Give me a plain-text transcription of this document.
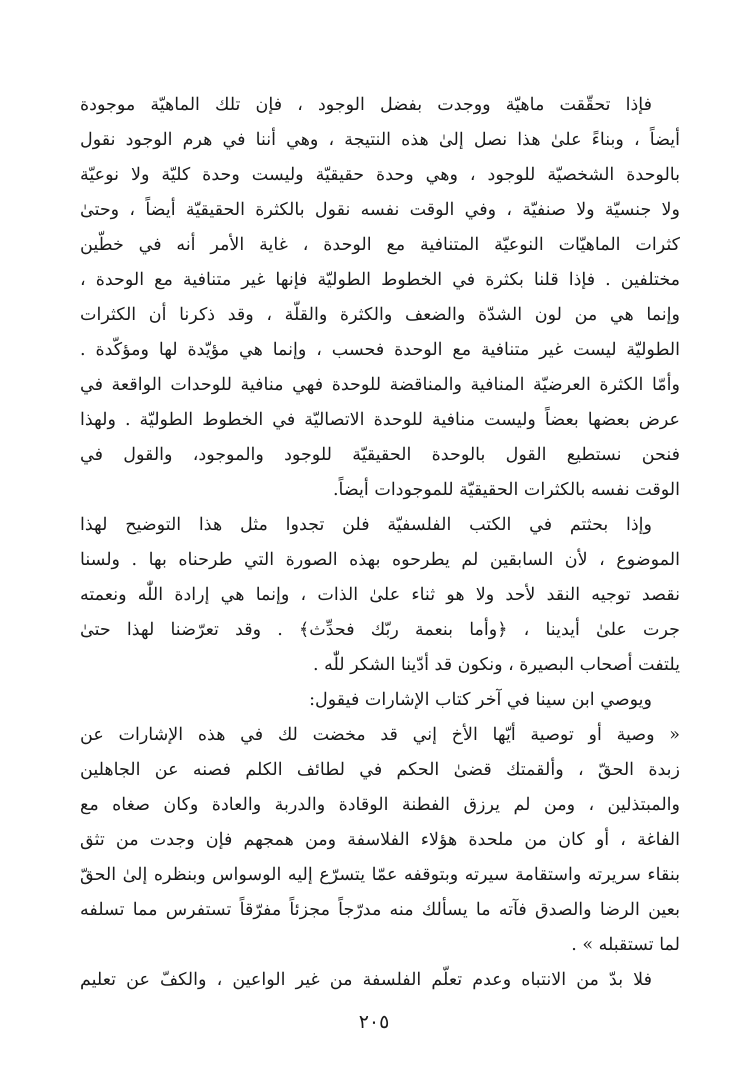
فإذا تحقّقت ماهيّة ووجدت بفضل الوجود ، فإن تلك الماهيّة موجودة
أيضاً ، وبناءً علىٰ هذا نصل إلىٰ هذه النتيجة ، وهي أننا في هرم الوجود نقول
بالوحدة الشخصيّة للوجود ، وهي وحدة حقيقيّة وليست وحدة كليّة ولا نوعيّة
ولا جنسيّة ولا صنفيّة ، وفي الوقت نفسه نقول بالكثرة الحقيقيّة أيضاً ، وحتىٰ
كثرات الماهيّات النوعيّة المتنافية مع الوحدة ، غاية الأمر أنه في خطّين
مختلفين . فإذا قلنا بكثرة في الخطوط الطوليّة فإنها غير متنافية مع الوحدة ،
وإنما هي من لون الشدّة والضعف والكثرة والقلّة ، وقد ذكرنا أن الكثرات
الطوليّة ليست غير متنافية مع الوحدة فحسب ، وإنما هي مؤيّدة لها ومؤكّدة .
وأمّا الكثرة العرضيّة المنافية والمناقضة للوحدة فهي منافية للوحدات الواقعة في
عرض بعضها بعضاً وليست منافية للوحدة الاتصاليّة في الخطوط الطوليّة . ولهذا
فنحن نستطيع القول بالوحدة الحقيقيّة للوجود والموجود، والقول في
الوقت نفسه بالكثرات الحقيقيّة للموجودات أيضاً.
وإذا بحثتم في الكتب الفلسفيّة فلن تجدوا مثل هذا التوضيح لهذا
الموضوع ، لأن السابقين لم يطرحوه بهذه الصورة التي طرحناه بها . ولسنا
نقصد توجيه النقد لأحد ولا هو ثناء علىٰ الذات ، وإنما هي إرادة اللّٰه ونعمته
جرت علىٰ أيدينا ، ﴿وأما بنعمة ربّك فحدِّث﴾ . وقد تعرّضنا لهذا حتىٰ
يلتفت أصحاب البصيرة ، ونكون قد أدّينا الشكر للّٰه .
ويوصي ابن سينا في آخر كتاب الإشارات فيقول:
« وصية أو توصية أيّها الأخ إني قد مخضت لك في هذه الإشارات عن
زبدة الحقّ ، وألقمتك قضىٰ الحكم في لطائف الكلم فصنه عن الجاهلين
والمبتذلين ، ومن لم يرزق الفطنة الوقادة والدربة والعادة وكان صغاه مع
الفاغة ، أو كان من ملحدة هؤلاء الفلاسفة ومن همجهم فإن وجدت من تثق
بنقاء سريرته واستقامة سيرته وبتوقفه عمّا يتسرّع إليه الوسواس وبنظره إلىٰ الحقّ
بعين الرضا والصدق فآته ما يسألك منه مدرّجاً مجزئاً مفرّقاً تستفرس مما تسلفه
لما تستقبله » .
فلا بدّ من الانتباه وعدم تعلّم الفلسفة من غير الواعين ، والكفّ عن تعليم
٢٠٥
